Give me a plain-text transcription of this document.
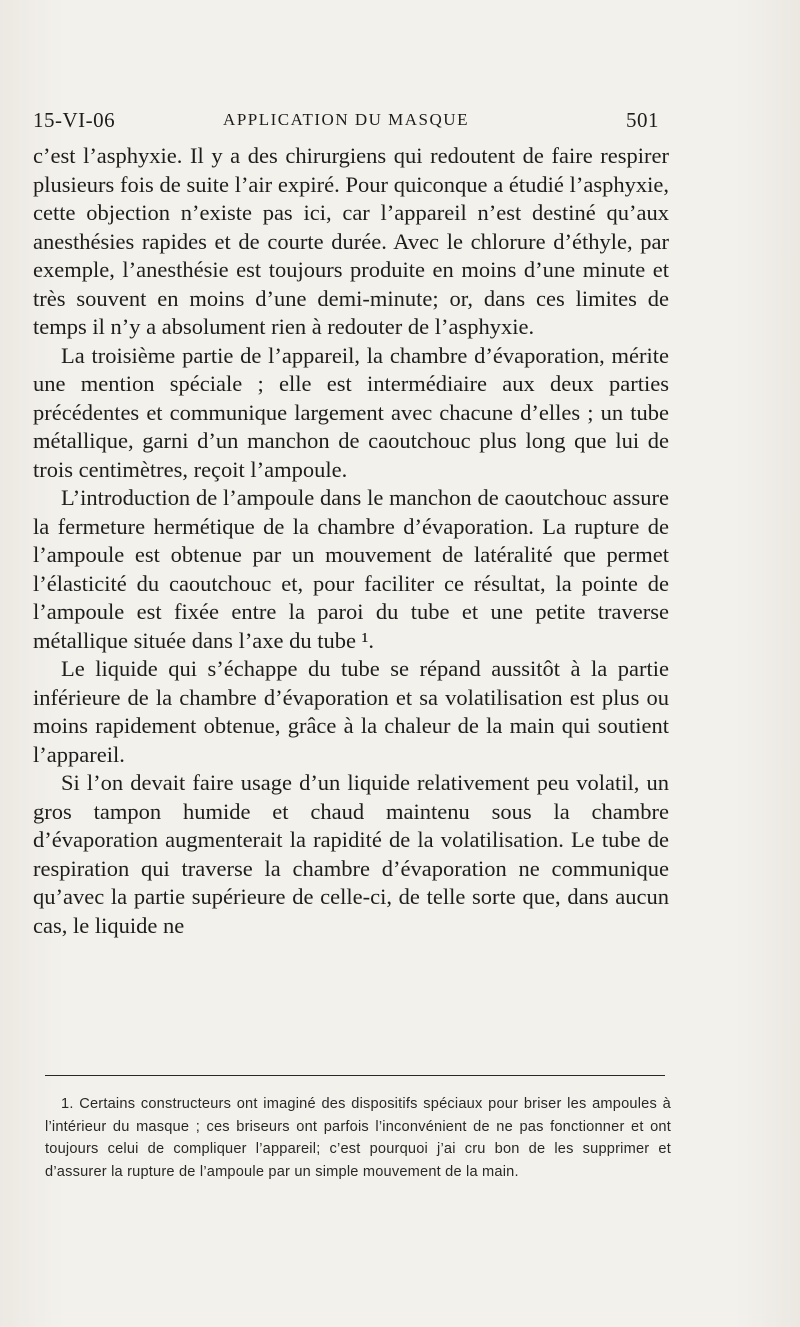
15-VI-06	APPLICATION DU MASQUE	501

c’est l’asphyxie. Il y a des chirurgiens qui redoutent de faire respirer plusieurs fois de suite l’air expiré. Pour quiconque a étudié l’asphyxie, cette objection n’existe pas ici, car l’appareil n’est destiné qu’aux anesthésies rapides et de courte durée. Avec le chlorure d’éthyle, par exemple, l’anesthésie est toujours produite en moins d’une minute et très souvent en moins d’une demi-minute; or, dans ces limites de temps il n’y a absolument rien à redouter de l’asphyxie.

La troisième partie de l’appareil, la chambre d’évaporation, mérite une mention spéciale ; elle est intermédiaire aux deux parties précédentes et communique largement avec chacune d’elles ; un tube métallique, garni d’un manchon de caoutchouc plus long que lui de trois centimètres, reçoit l’ampoule.

L’introduction de l’ampoule dans le manchon de caoutchouc assure la fermeture hermétique de la chambre d’évaporation. La rupture de l’ampoule est obtenue par un mouvement de latéralité que permet l’élasticité du caoutchouc et, pour faciliter ce résultat, la pointe de l’ampoule est fixée entre la paroi du tube et une petite traverse métallique située dans l’axe du tube ¹.

Le liquide qui s’échappe du tube se répand aussitôt à la partie inférieure de la chambre d’évaporation et sa volatilisation est plus ou moins rapidement obtenue, grâce à la chaleur de la main qui soutient l’appareil.

Si l’on devait faire usage d’un liquide relativement peu volatil, un gros tampon humide et chaud maintenu sous la chambre d’évaporation augmenterait la rapidité de la volatilisation. Le tube de respiration qui traverse la chambre d’évaporation ne communique qu’avec la partie supérieure de celle-ci, de telle sorte que, dans aucun cas, le liquide ne

1. Certains constructeurs ont imaginé des dispositifs spéciaux pour briser les ampoules à l’intérieur du masque ; ces briseurs ont parfois l’inconvénient de ne pas fonctionner et ont toujours celui de compliquer l’appareil; c’est pourquoi j’ai cru bon de les supprimer et d’assurer la rupture de l’ampoule par un simple mouvement de la main.
